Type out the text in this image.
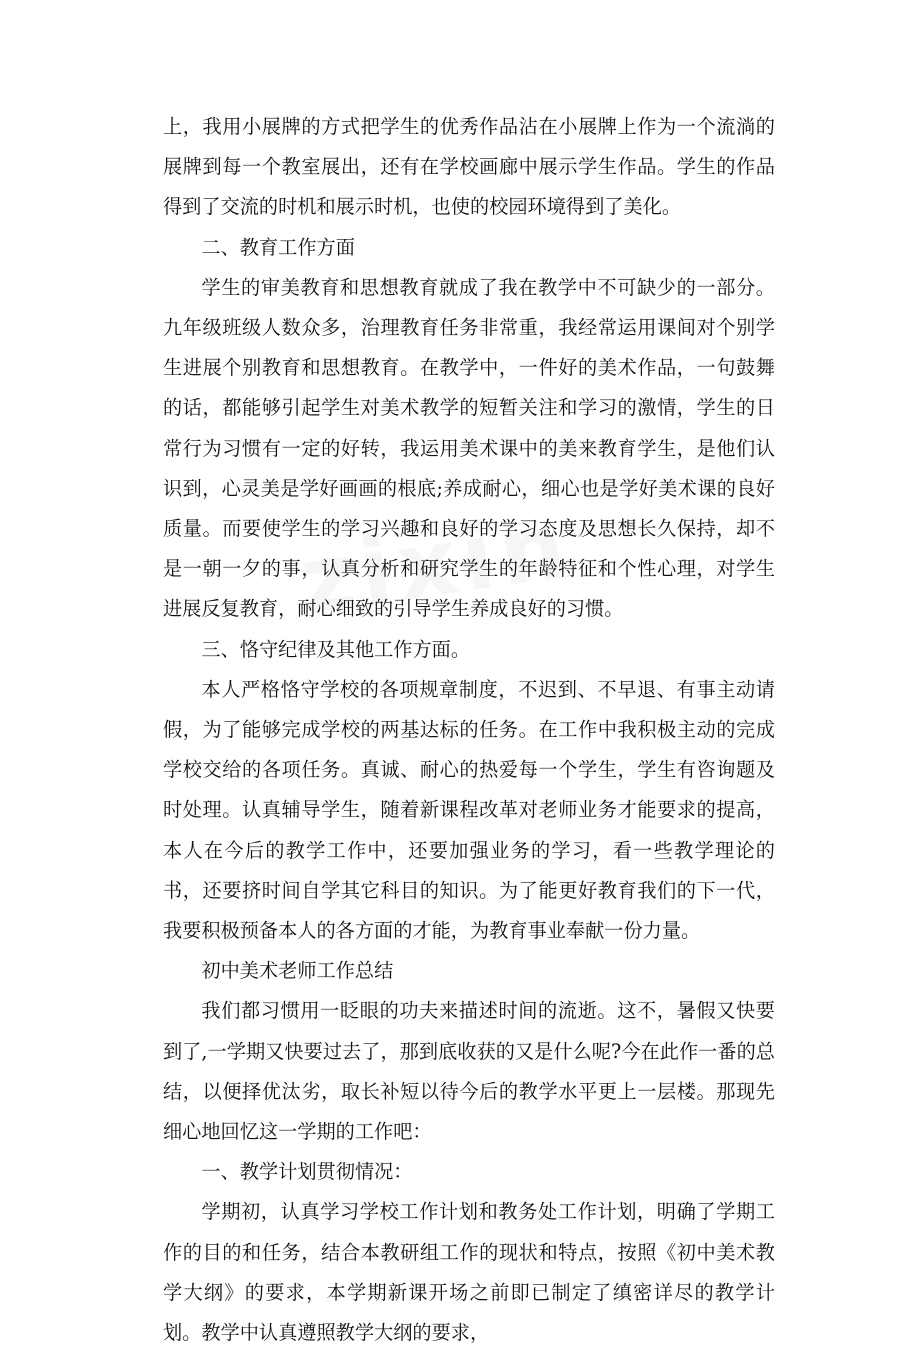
上，我用小展牌的方式把学生的优秀作品沾在小展牌上作为一个流淌的展牌到每一个教室展出，还有在学校画廊中展示学生作品。学生的作品得到了交流的时机和展示时机，也使的校园环境得到了美化。

二、教育工作方面

学生的审美教育和思想教育就成了我在教学中不可缺少的一部分。九年级班级人数众多，治理教育任务非常重，我经常运用课间对个别学生进展个别教育和思想教育。在教学中，一件好的美术作品，一句鼓舞的话，都能够引起学生对美术教学的短暂关注和学习的激情，学生的日常行为习惯有一定的好转，我运用美术课中的美来教育学生，是他们认识到，心灵美是学好画画的根底;养成耐心，细心也是学好美术课的良好质量。而要使学生的学习兴趣和良好的学习态度及思想长久保持，却不是一朝一夕的事，认真分析和研究学生的年龄特征和个性心理，对学生进展反复教育，耐心细致的引导学生养成良好的习惯。

三、恪守纪律及其他工作方面。

本人严格恪守学校的各项规章制度，不迟到、不早退、有事主动请假，为了能够完成学校的两基达标的任务。在工作中我积极主动的完成学校交给的各项任务。真诚、耐心的热爱每一个学生，学生有咨询题及时处理。认真辅导学生，随着新课程改革对老师业务才能要求的提高，本人在今后的教学工作中，还要加强业务的学习，看一些教学理论的书，还要挤时间自学其它科目的知识。为了能更好教育我们的下一代，我要积极预备本人的各方面的才能，为教育事业奉献一份力量。

初中美术老师工作总结

我们都习惯用一眨眼的功夫来描述时间的流逝。这不，暑假又快要到了,一学期又快要过去了，那到底收获的又是什么呢?今在此作一番的总结，以便择优汰劣，取长补短以待今后的教学水平更上一层楼。那现先细心地回忆这一学期的工作吧：

一、教学计划贯彻情况：

学期初，认真学习学校工作计划和教务处工作计划，明确了学期工作的目的和任务，结合本教研组工作的现状和特点，按照《初中美术教学大纲》的要求，本学期新课开场之前即已制定了缜密详尽的教学计划。教学中认真遵照教学大纲的要求，
